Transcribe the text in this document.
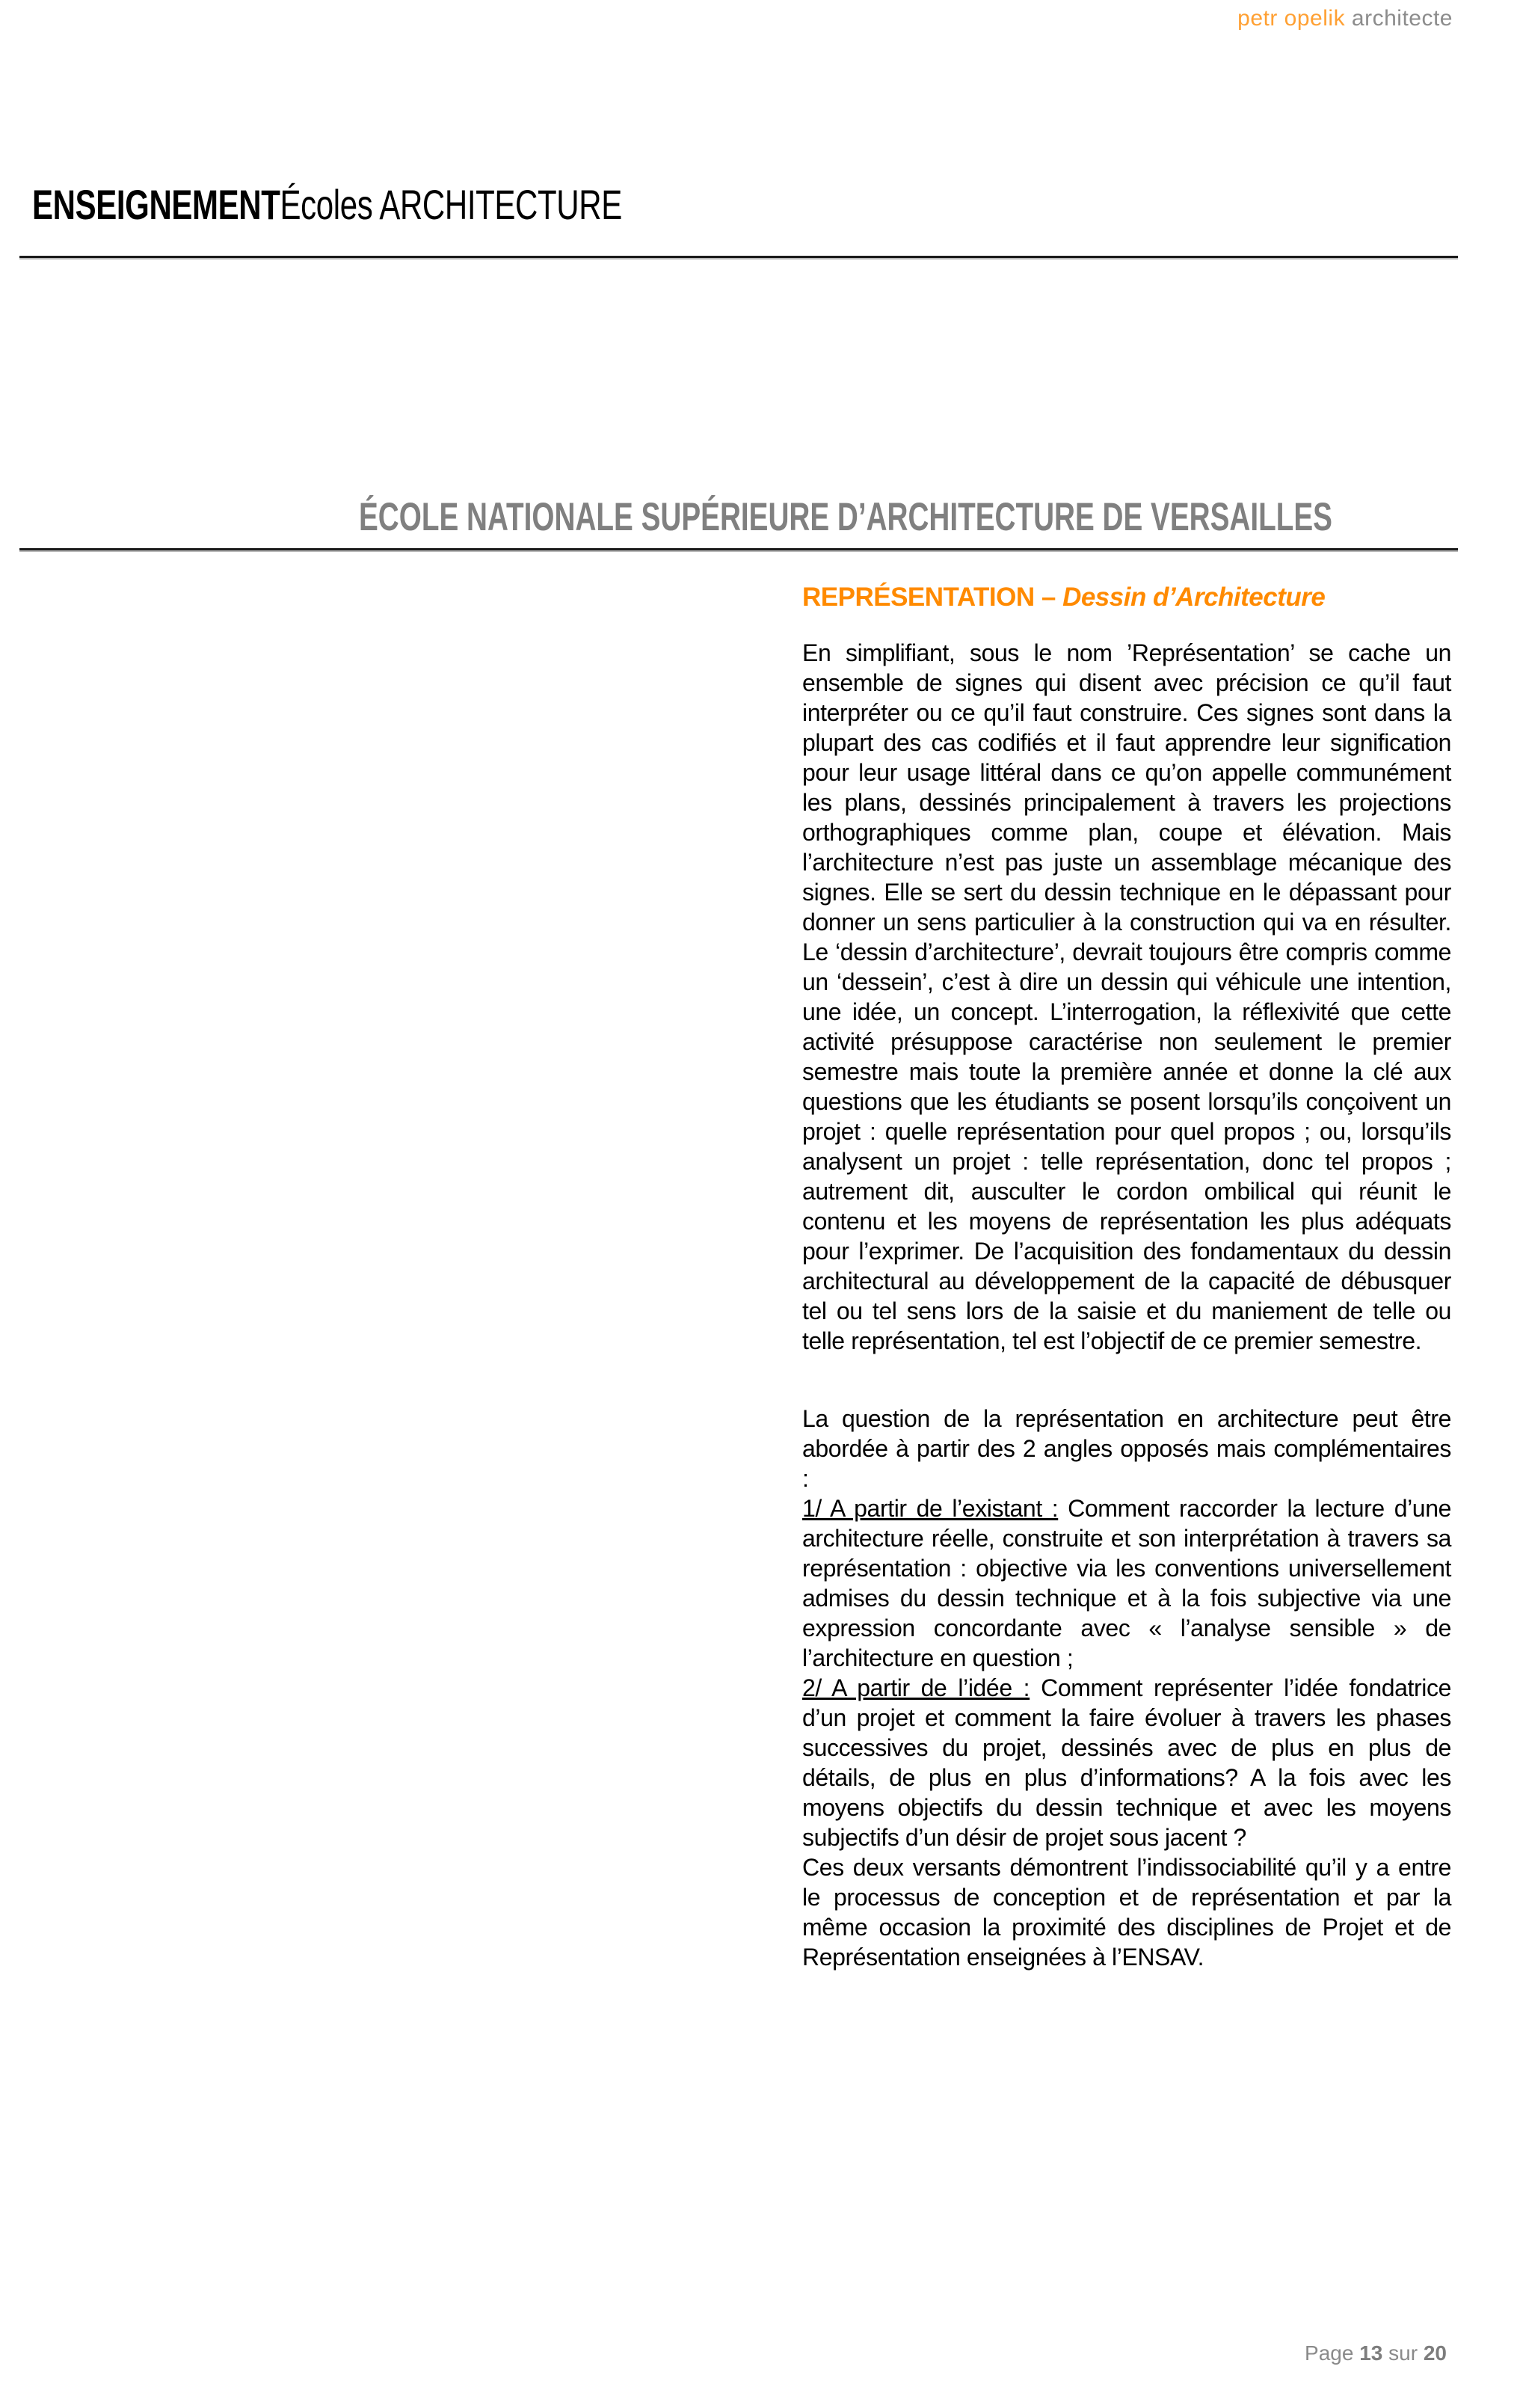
petr opelik architecte
ENSEIGNEMENTÉcoles ARCHITECTURE
ÉCOLE NATIONALE SUPÉRIEURE D’ARCHITECTURE DE VERSAILLES
REPRÉSENTATION – Dessin d’Architecture

En simplifiant, sous le nom ’Représentation’ se cache un ensemble de signes qui disent avec précision ce qu’il faut interpréter ou ce qu’il faut construire. Ces signes sont dans la plupart des cas codifiés et il faut apprendre leur signification pour leur usage littéral dans ce qu’on appelle communément les plans, dessinés principalement à travers les projections orthographiques comme plan, coupe et élévation. Mais l’architecture n’est pas juste un assemblage mécanique des signes. Elle se sert du dessin technique en le dépassant pour donner un sens particulier à la construction qui va en résulter. Le ‘dessin d’architecture’, devrait toujours être compris comme un ‘dessein’, c’est à dire un dessin qui véhicule une intention, une idée, un concept. L’interrogation, la réflexivité que cette activité présuppose caractérise non seulement le premier semestre mais toute la première année et donne la clé aux questions que les étudiants se posent lorsqu’ils conçoivent un projet : quelle représentation pour quel propos ; ou, lorsqu’ils analysent un projet : telle représentation, donc tel propos ; autrement dit, ausculter le cordon ombilical qui réunit le contenu et les moyens de représentation les plus adéquats pour l’exprimer. De l’acquisition des fondamentaux du dessin architectural au développement de la capacité de débusquer tel ou tel sens lors de la saisie et du maniement de telle ou telle représentation, tel est l’objectif de ce premier semestre.

La question de la représentation en architecture peut être abordée à partir des 2 angles opposés mais complémentaires :

1/ A partir de l’existant : Comment raccorder la lecture d’une architecture réelle, construite et son interprétation à travers sa représentation : objective via les conventions universellement admises du dessin technique et à la fois subjective via une expression concordante avec « l’analyse sensible » de l’architecture en question ;

2/ A partir de l’idée : Comment représenter l’idée fondatrice d’un projet et comment la faire évoluer à travers les phases successives du projet, dessinés avec de plus en plus de détails, de plus en plus d’informations? A la fois avec les moyens objectifs du dessin technique et avec les moyens subjectifs d’un désir de projet sous jacent ?

Ces deux versants démontrent l’indissociabilité qu’il y a entre le processus de conception et de représentation et par la même occasion la proximité des disciplines de Projet et de Représentation enseignées à l’ENSAV.

Page 13 sur 20
